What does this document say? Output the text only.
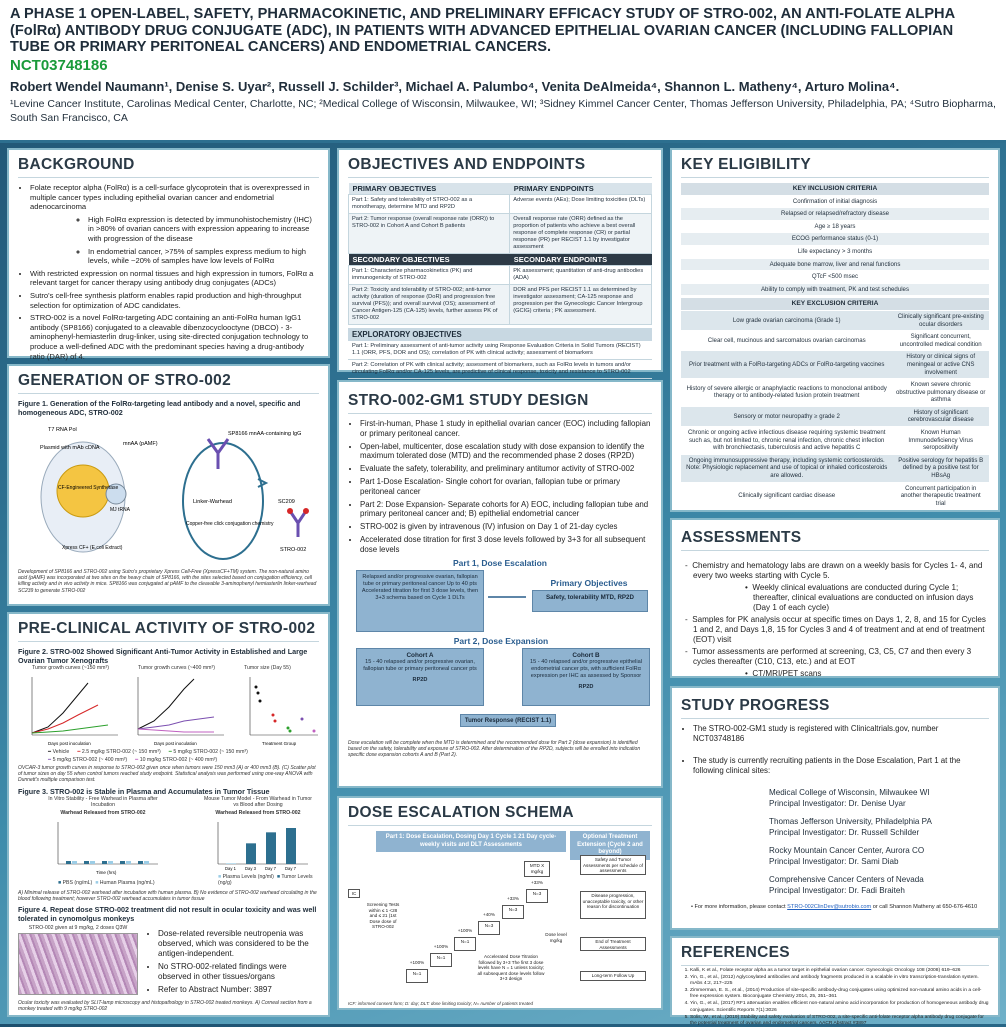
A PHASE 1 OPEN-LABEL, SAFETY, PHARMACOKINETIC, AND PRELIMINARY EFFICACY STUDY OF STRO-002, AN ANTI-FOLATE ALPHA (FolRα) ANTIBODY DRUG CONJUGATE (ADC), IN PATIENTS WITH ADVANCED EPITHELIAL OVARIAN CANCER (INCLUDING FALLOPIAN TUBE OR PRIMARY PERITONEAL CANCERS) AND ENDOMETRIAL CANCERS.
NCT03748186
Robert Wendel Naumann¹, Denise S. Uyar², Russell J. Schilder³, Michael A. Palumbo⁴, Venita DeAlmeida⁴, Shannon L. Matheny⁴, Arturo Molina⁴.
¹Levine Cancer Institute, Carolinas Medical Center, Charlotte, NC; ²Medical College of Wisconsin, Milwaukee, WI; ³Sidney Kimmel Cancer Center, Thomas Jefferson University, Philadelphia, PA; ⁴Sutro Biopharma, South San Francisco, CA
BACKGROUND
• Folate receptor alpha (FolRα) is a cell-surface glycoprotein that is overexpressed in multiple cancer types including epithelial ovarian cancer and endometrial adenocarcinoma
◦ High FolRα expression is detected by immunohistochemistry (IHC) in >80% of ovarian cancers with expression appearing to increase with progression of the disease
◦ In endometrial cancer, >75% of samples express medium to high levels, while ~20% of samples have low levels of FolRα
• With restricted expression on normal tissues and high expression in tumors, FolRα a relevant target for cancer therapy using antibody drug conjugates (ADCs)
• Sutro's cell-free synthesis platform enables rapid production and high-throughput selection for optimization of ADC candidates.
• STRO-002 is a novel FolRα-targeting ADC containing an anti-FolRα human IgG1 antibody (SP8166) conjugated to a cleavable dibenzocyclooctyne (DBCO) - 3-aminophenyl-hemiasterlin drug-linker, using site-directed conjugation technology to produce a well-defined ADC with the predominant species having a drug-antibody ratio (DAR) of 4.
GENERATION OF STRO-002
Figure 1. Generation of the FolRα-targeting lead antibody and a novel, specific and homogeneous ADC, STRO-002
T7 RNA Pol
Plasmid with mAb cDNA
mnAA (pAMF)
CF-Engineered Synthetase
MJ tRNA
Xpress CF+ (E.coli Extract)
SP8166 mnAA-containing IgG
Linker-Warhead
Copper-free click conjugation chemistry
SC209
STRO-002
Development of SP8166 and STRO-002 using Sutro's proprietary Xpress Cell-Free (XpressCF+TM) system. The non-natural amino acid (pAMF) was incorporated at two sites on the heavy chain of SP8166, with the sites selected based on conjugation efficiency, cell killing activity and in vivo activity in mice. SP8166 was conjugated at pAMF to the cleavable 3-aminophenyl hemiasterlin linker-warhead SC239 to generate STRO-002
PRE-CLINICAL ACTIVITY OF STRO-002
Figure 2. STRO-002 Showed Significant Anti-Tumor Activity in Established and Large Ovarian Tumor Xenografts
Tumor growth curves (~150 mm³)	Tumor growth curves (~400 mm³)	Tumor size (Day 55)
Days post inoculation	Days post inoculation	Treatment Group
━ Vehicle ━ 2.5 mg/kg STRO-002 (~ 150 mm³) ━ 5 mg/kg STRO-002 (~ 150 mm³)
━ 5 mg/kg STRO-002 (~ 400 mm³) ━ 10 mg/kg STRO-002 (~ 400 mm³)
OVCAR-3 tumor growth curves in response to STRO-002 given once when tumors were 150 mm3 (A) or 400 mm3 (B). (C) Scatter plot of tumor sizes on day 55 when control tumors reached study endpoint. Statistical analysis was performed using one-way ANOVA with Dunnett's multiple comparison test.
Figure 3. STRO-002 is Stable in Plasma and Accumulates in Tumor Tissue
In Vitro Stability - Free Warhead in Plasma after Incubation
Warhead Released from STRO-002
Mouse Tumor Model - From Warhead in Tumor vs Blood after Dosing
Warhead Released from STRO-002
Day 1 Day 3 Day 7 Day 7
Time (hrs)
■ PBS (ng/mL) ■ Human Plasma (ng/mL)
■ Plasma Levels (ng/ml) ■ Tumor Levels (ng/g)
A) Minimal release of STRO-002 warhead after incubation with human plasma. B) No evidence of STRO-002 warhead circulating in the blood following treatment; however STRO-002 warhead accumulates in tumor tissue
Figure 4. Repeat dose STRO-002 treatment did not result in ocular toxicity and was well tolerated in cynomolgus monkeys
STRO-002 given at 9 mg/kg, 2 doses Q3W
• Dose-related reversible neutropenia was observed, which was considered to be the antigen-independent.
• No STRO-002-related findings were observed in other tissues/organs
• Refer to Abstract Number: 3897
Ocular toxicity was evaluated by SLIT-lamp microscopy and histopathology in STRO-002 treated monkeys. A) Corneal section from a monkey treated with 9 mg/kg STRO-002
OBJECTIVES AND ENDPOINTS
PRIMARY OBJECTIVES	PRIMARY ENDPOINTS
Part 1: Safety and tolerability of STRO-002 as a monotherapy, determine MTD and RP2D	Adverse events (AEs); Dose limiting toxicities (DLTs)
Part 2: Tumor response (overall response rate (ORR)) to STRO-002 in Cohort A and Cohort B patients	Overall response rate (ORR) defined as the proportion of patients who achieve a best overall response of complete response (CR) or partial response (PR) per RECIST 1.1 by investigator assessment
SECONDARY OBJECTIVES	SECONDARY ENDPOINTS
Part 1: Characterize pharmacokinetics (PK) and immunogenicity of STRO-002	PK assessment; quantitation of anti-drug antibodies (ADA)
Part 2: Toxicity and tolerability of STRO-002; anti-tumor activity (duration of response (DoR) and progression free survival (PFS)); and overall survival (OS); assessment of Cancer Antigen-125 (CA-125) levels, further assess PK of STRO-002	DOR and PFS per RECIST 1.1 as determined by investigator assessment; CA-125 response and progression per the Gynecologic Cancer Intergroup (GCIG) criteria ; PK assessment.
EXPLORATORY OBJECTIVES
Part 1: Preliminary assessment of anti-tumor activity using Response Evaluation Criteria in Solid Tumors (RECIST) 1.1 (ORR, PFS, DOR and OS); correlation of PK with clinical activity; assessment of biomarkers
Part 2: Correlation of PK with clinical activity; assessment of biomarkers, such as FolRα levels in tumors and/or circulating FolRα and/or CA-125 levels, are predictive of clinical response, toxicity and resistance to STRO-002
STRO-002-GM1 STUDY DESIGN
• First-in-human, Phase 1 study in epithelial ovarian cancer (EOC) including fallopian or primary peritoneal cancer.
• Open-label, multicenter, dose escalation study with dose expansion to identify the maximum tolerated dose (MTD) and the recommended phase 2 doses (RP2D)
• Evaluate the safety, tolerability, and preliminary antitumor activity of STRO-002
• Part 1-Dose Escalation- Single cohort for ovarian, fallopian tube or primary peritoneal cancer
• Part 2: Dose Expansion- Separate cohorts for A) EOC, including fallopian tube and primary peritoneal cancer and; B) epithelial endometrial cancer
• STRO-002 is given by intravenous (IV) infusion on Day 1 of 21-day cycles
• Accelerated dose titration for first 3 dose levels followed by 3+3 for all subsequent dose levels
Part 1, Dose Escalation
Relapsed and/or progressive ovarian, fallopian tube or primary peritoneal cancer Up to 40 pts Accelerated titration for first 3 dose levels, then 3+3 schema based on Cycle 1 DLTs
Primary Objectives
Safety, tolerability MTD, RP2D
Part 2, Dose Expansion
Cohort A
15 - 40 relapsed and/or progressive ovarian, fallopian tube or primary peritoneal cancer pts
RP2D
Cohort B
15 - 40 relapsed and/or progressive epithelial endometrial cancer pts, with sufficient FolRα expression per IHC as assessed by Sponsor
RP2D
Tumor Response (RECIST 1.1)
Dose escalation will be complete when the MTD is determined and the recommended dose for Part 2 (dose expansion) is identified based on the safety, tolerability and exposure of STRO-002. After determination of the RP2D, subjects will be enrolled into indication specific dose expansion cohorts A and B (Part 2).
DOSE ESCALATION SCHEMA
Part 1: Dose Escalation, Dosing Day 1 Cycle 1 21 Day cycle-weekly visits and DLT Assessments
Optional Treatment Extension (Cycle 2 and beyond)
IC
Screening Tests within ≤ 1 <28 and ≤ 21 (1st Dose dose of STRO-002
N=1
N=1
N=1
N=3
N=3
N=3
MTD X mg/kg
+100%
+100%
+100%
+40%
+33%
+33%
Dose level mg/kg
Accelerated Dose Titration followed by 3+3 The first 3 dose levels have N = 1 unless toxicity; all subsequent dose levels follow 3+3 design
Safety and Tumor Assessments per schedule of assessments
Disease progression, unacceptable toxicity, or other reason for discontinuation
End of Treatment Assessments
Long-term Follow Up
ICF: informed consent form; D: day; DLT: dose limiting toxicity; N= number of patients treated
KEY ELIGIBILITY
KEY INCLUSION CRITERIA
Confirmation of initial diagnosis
Relapsed or relapsed/refractory disease
Age ≥ 18 years
ECOG performance status (0-1)
Life expectancy > 3 months
Adequate bone marrow, liver and renal functions
QTcF <500 msec
Ability to comply with treatment, PK and test schedules
KEY EXCLUSION CRITERIA	
Low grade ovarian carcinoma (Grade 1)	Clinically significant pre-existing ocular disorders
Clear cell, mucinous and sarcomatous ovarian carcinomas	Significant concurrent, uncontrolled medical condition
Prior treatment with a FolRα-targeting ADCs or FolRα-targeting vaccines	History or clinical signs of meningeal or active CNS involvement
History of severe allergic or anaphylactic reactions to monoclonal antibody therapy or to antibody-related fusion protein treatment	Known severe chronic obstructive pulmonary disease or asthma
Sensory or motor neuropathy ≥ grade 2	History of significant cerebrovascular disease
Chronic or ongoing active infectious disease requiring systemic treatment such as, but not limited to, chronic renal infection, chronic chest infection with bronchiectasis, tuberculosis and active hepatitis C	Known Human Immunodeficiency Virus seropositivity
Ongoing immunosuppressive therapy, including systemic corticosteroids. Note: Physiologic replacement and use of topical or inhaled corticosteroids are allowed.	Positive serology for hepatitis B defined by a positive test for HBsAg
Clinically significant cardiac disease	Concurrent participation in another therapeutic treatment trial
ASSESSMENTS
-  Chemistry and hematology labs are drawn on a weekly basis for Cycles 1- 4, and every two weeks starting with Cycle 5.
•  Weekly clinical evaluations are conducted during Cycle 1; thereafter, clinical evaluations are conducted on infusion days (Day 1 of each cycle)
-  Samples for PK analysis occur at specific times on Days 1, 2, 8, and 15 for Cycles 1 and 2, and Days 1,8, 15 for Cycles 3 and 4 of treatment and at end of treatment (EOT) visit
-  Tumor assessments are performed at screening, C3, C5, C7 and then every 3 cycles thereafter (C10, C13, etc.) and at EOT
•  CT/MRI/PET scans
STUDY PROGRESS
• The STRO-002-GM1 study is registered with Clinicaltrials.gov, number NCT03748186
• The study is currently recruiting patients in the Dose Escalation, Part 1 at the following clinical sites:
Medical College of Wisconsin, Milwaukee WI
Principal Investigator: Dr. Denise Uyar
Thomas Jefferson University, Philadelphia PA
Principal Investigator: Dr. Russell Schilder
Rocky Mountain Cancer Center, Aurora CO
Principal Investigator: Dr. Sami Diab
Comprehensive Cancer Centers of Nevada
Principal Investigator: Dr. Fadi Braiteh
• For more information, please contact STRO-002ClinDev@sutrobio.com or call Shannon Matheny at 650-676-4610
REFERENCES
1. Kalli, K et al., Folate receptor alpha as a tumor target in epithelial ovarian cancer. Gynecologic Oncology 108 (2008) 619–626
2. Yin, G., et al., (2012) Aglycosylated antibodies and antibody fragments produced in a scalable in vitro transcription-translation system. mAbs 4:2, 217–225
3. Zimmerman, E. S., et al., (2014) Production of site-specific antibody-drug conjugates using optimized non-natural amino acids in a cell-free expression system. Bioconjugate Chemistry 2014, 25, 351–361
4. Yin, G., et al., (2017) RF1 attenuation enables efficient non-natural amino acid incorporation for production of homogeneous antibody drug conjugates. Scientific Reports 7(1):3026
5. Solis, W., et al., (2019) Stability and safety evaluation of STRO-002, a site-specific anti-folate receptor alpha antibody drug conjugate for the potential treatment of ovarian and endometrial cancers. AACR Abstract #3897
